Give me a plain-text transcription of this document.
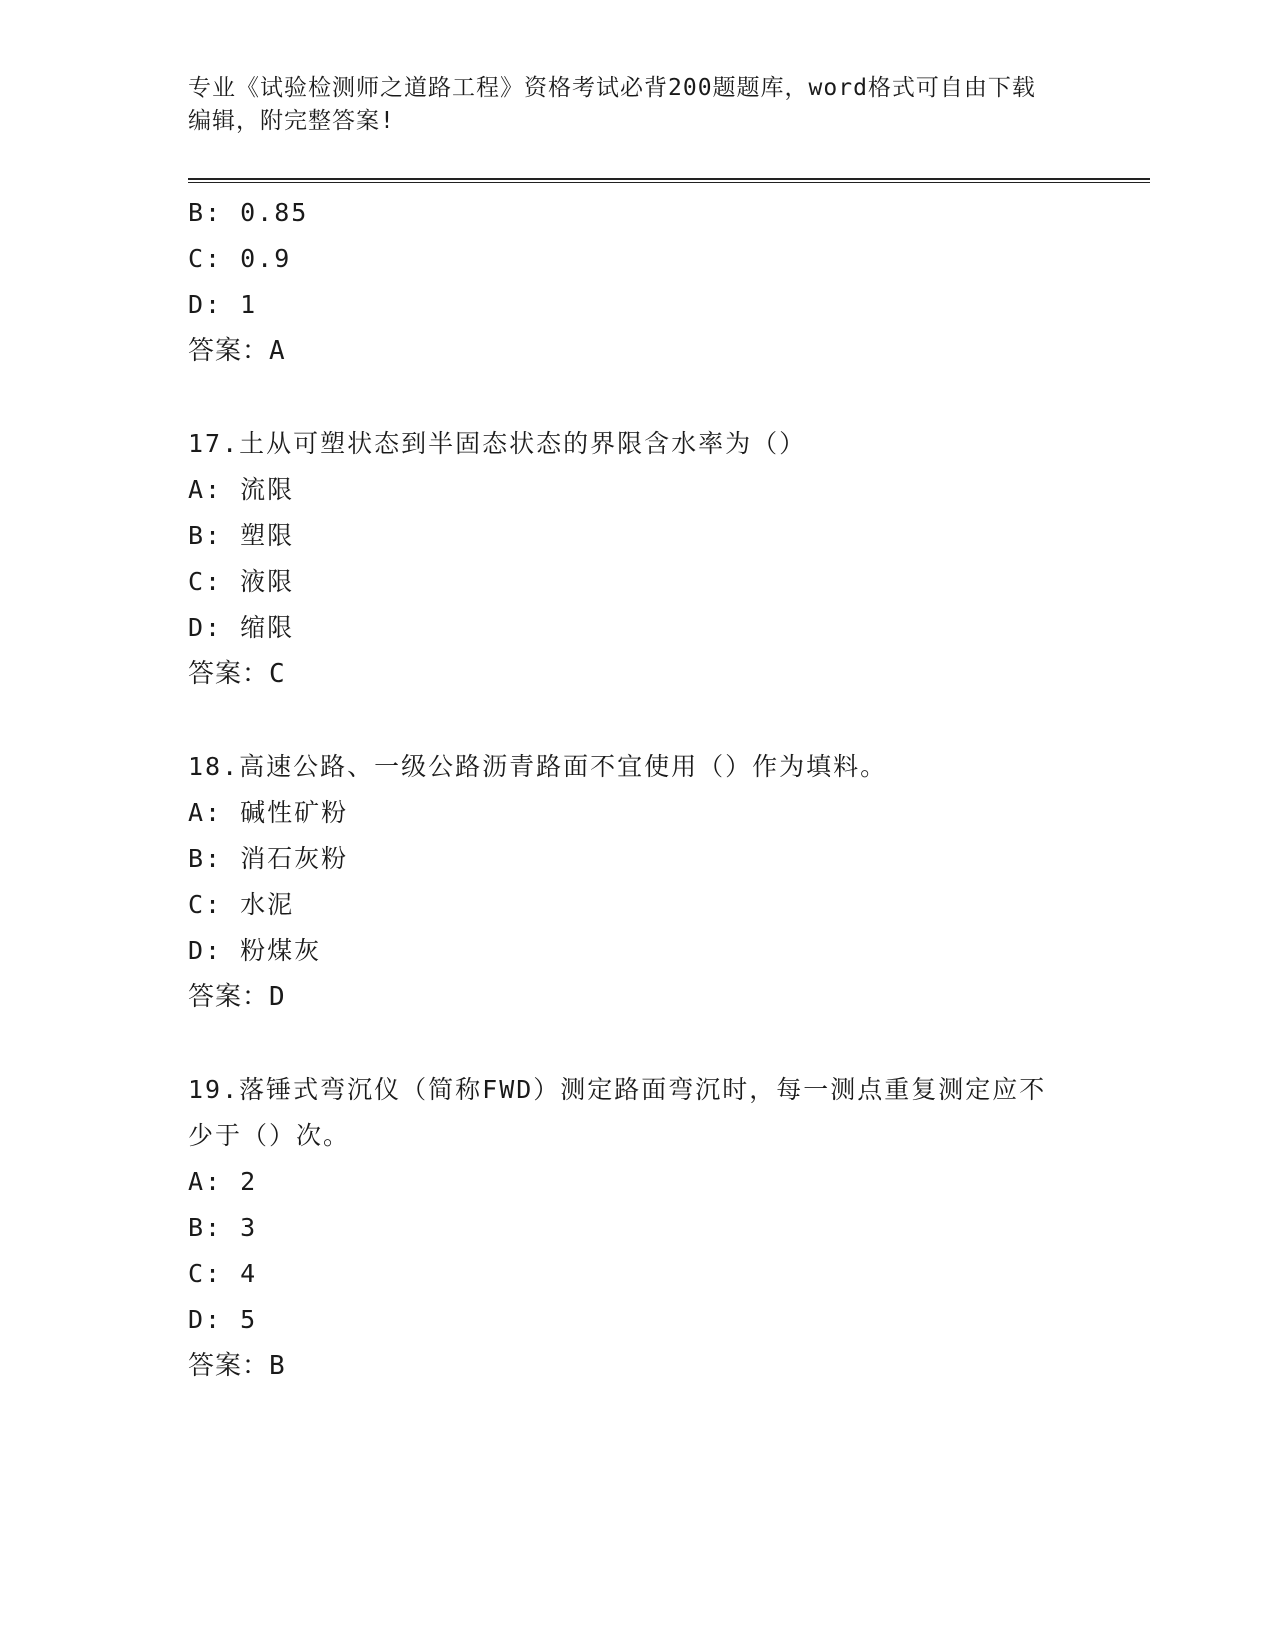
专业《试验检测师之道路工程》资格考试必背200题题库，word格式可自由下载
编辑，附完整答案!
B: 0.85
C: 0.9
D: 1
答案：A
17.土从可塑状态到半固态状态的界限含水率为（）
A: 流限
B: 塑限
C: 液限
D: 缩限
答案：C
18.高速公路、一级公路沥青路面不宜使用（）作为填料。
A: 碱性矿粉
B: 消石灰粉
C: 水泥
D: 粉煤灰
答案：D
19.落锤式弯沉仪（简称FWD）测定路面弯沉时，每一测点重复测定应不少于（）次。
A: 2
B: 3
C: 4
D: 5
答案：B
